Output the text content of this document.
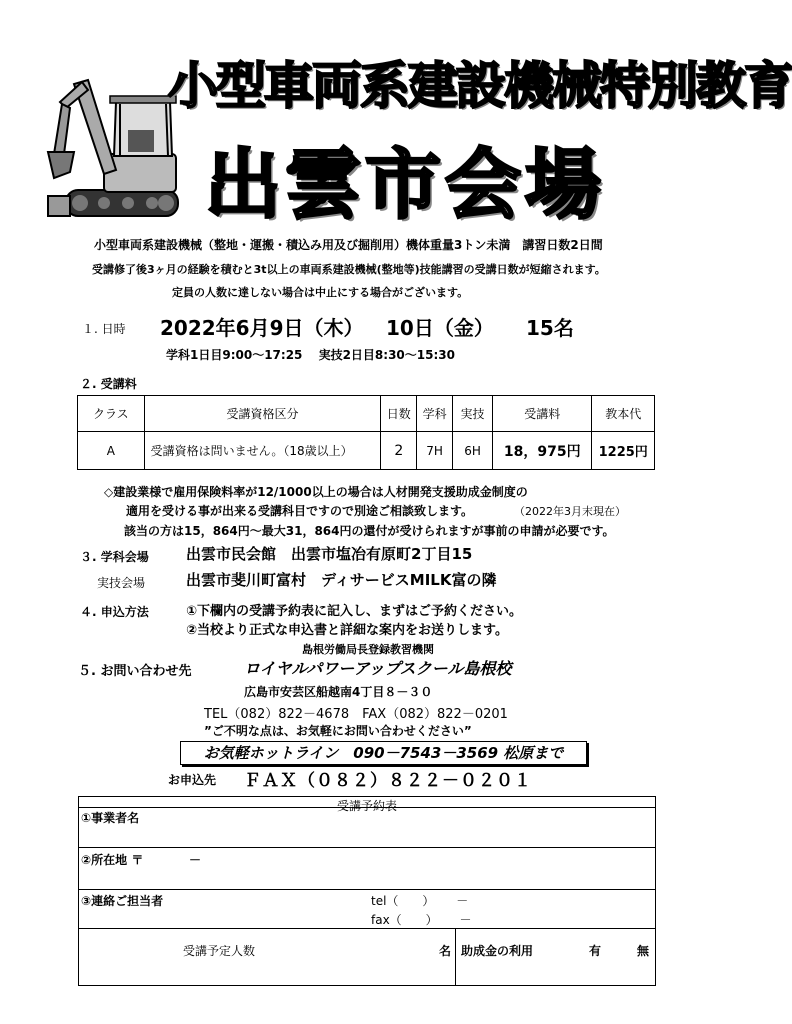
小型車両系建設機械特別教育
出雲市会場
小型車両系建設機械（整地・運搬・積込み用及び掘削用）機体重量3トン未満　講習日数2日間
受講修了後3ヶ月の経験を積むと3t以上の車両系建設機械(整地等)技能講習の受講日数が短縮されます。
定員の人数に達しない場合は中止にする場合がございます。
１. 日時 2022年6月9日（木） 10日（金） 15名
学科1日目9:00～17:25　 実技2日目8:30～15:30
２. 受講料
クラス	受講資格区分	日数	学科	実技	受講料	教本代
A	受講資格は問いません。（18歳以上）	2	7H	6H	18，975円	1225円
◇建設業様で雇用保険料率が12/1000以上の場合は人材開発支援助成金制度の
適用を受ける事が出来る受講科目ですので別途ご相談致します。	（2022年3月末現在）
該当の方は15，864円～最大31，864円の還付が受けられますが事前の申請が必要です。
３. 学科会場 出雲市民会館　出雲市塩冶有原町2丁目15
実技会場	出雲市斐川町富村　ディサービスMILK富の隣
４. 申込方法	①下欄内の受講予約表に記入し、まずはご予約ください。
②当校より正式な申込書と詳細な案内をお送りします。
島根労働局長登録教習機関
５. お問い合わせ先	ロイヤルパワーアップスクール島根校
広島市安芸区船越南4丁目８－３０
TEL（082）822－4678　FAX（082）822－0201
”ご不明な点は、お気軽にお問い合わせください”
お気軽ホットライン　090－7543－3569 松原まで
お申込先 ＦＡＸ（０８２）８２２－０２０１
受講予約表
①事業者名
②所在地 〒	－
③連絡ご担当者	tel（　　）　　 －
fax（　　）　　 －
受講予定人数	名 助成金の利用	有	無
